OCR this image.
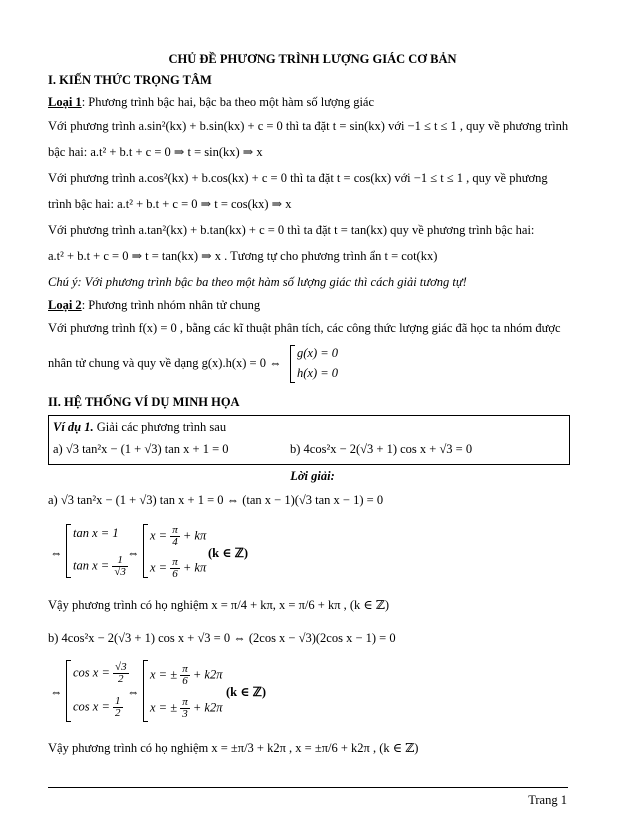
CHỦ ĐỀ PHƯƠNG TRÌNH LƯỢNG GIÁC CƠ BẢN
I. KIẾN THỨC TRỌNG TÂM
Loại 1: Phương trình bậc hai, bậc ba theo một hàm số lượng giác
Với phương trình a.sin²(kx) + b.sin(kx) + c = 0 thì ta đặt t = sin(kx) với −1 ≤ t ≤ 1 , quy về phương trình
bậc hai: a.t² + b.t + c = 0 ⇒ t = sin(kx) ⇒ x
Với phương trình a.cos²(kx) + b.cos(kx) + c = 0 thì ta đặt t = cos(kx) với −1 ≤ t ≤ 1 , quy về phương
trình bậc hai: a.t² + b.t + c = 0 ⇒ t = cos(kx) ⇒ x
Với phương trình a.tan²(kx) + b.tan(kx) + c = 0 thì ta đặt t = tan(kx) quy về phương trình bậc hai:
a.t² + b.t + c = 0 ⇒ t = tan(kx) ⇒ x . Tương tự cho phương trình ẩn t = cot(kx)
Chú ý: Với phương trình bậc ba theo một hàm số lượng giác thì cách giải tương tự!
Loại 2: Phương trình nhóm nhân tử chung
Với phương trình f(x) = 0 , bằng các kĩ thuật phân tích, các công thức lượng giác đã học ta nhóm được
nhân tử chung và quy về dạng g(x).h(x) = 0 ⇔
g(x) = 0
h(x) = 0
II. HỆ THỐNG VÍ DỤ MINH HỌA
Ví dụ 1. Giải các phương trình sau
a) √3 tan²x − (1 + √3) tan x + 1 = 0	b) 4cos²x − 2(√3 + 1) cos x + √3 = 0
Lời giải:
a) √3 tan²x − (1 + √3) tan x + 1 = 0 ⇔ (tan x − 1)(√3 tan x − 1) = 0
⇔
tan x = 1
$\tan x = \frac{1}{√3}$
⇔
$x = \frac{\pi}{4} + k\pi$
$x = \frac{\pi}{6} + k\pi$
(k ∈ ℤ)
Vậy phương trình có họ nghiệm x = π/4 + kπ, x = π/6 + kπ , (k ∈ ℤ)
b) 4cos²x − 2(√3 + 1) cos x + √3 = 0 ⇔ (2cos x − √3)(2cos x − 1) = 0
⇔
$\cos x = \frac{√3}{2}$
$\cos x = \frac{1}{2}$
⇔
x = ± $\frac{\pi}{6} + k2\pi$
x = ± $\frac{\pi}{3} + k2\pi$
(k ∈ ℤ)
Vậy phương trình có họ nghiệm x = ±π/3 + k2π , x = ±π/6 + k2π , (k ∈ ℤ)
Trang 1
